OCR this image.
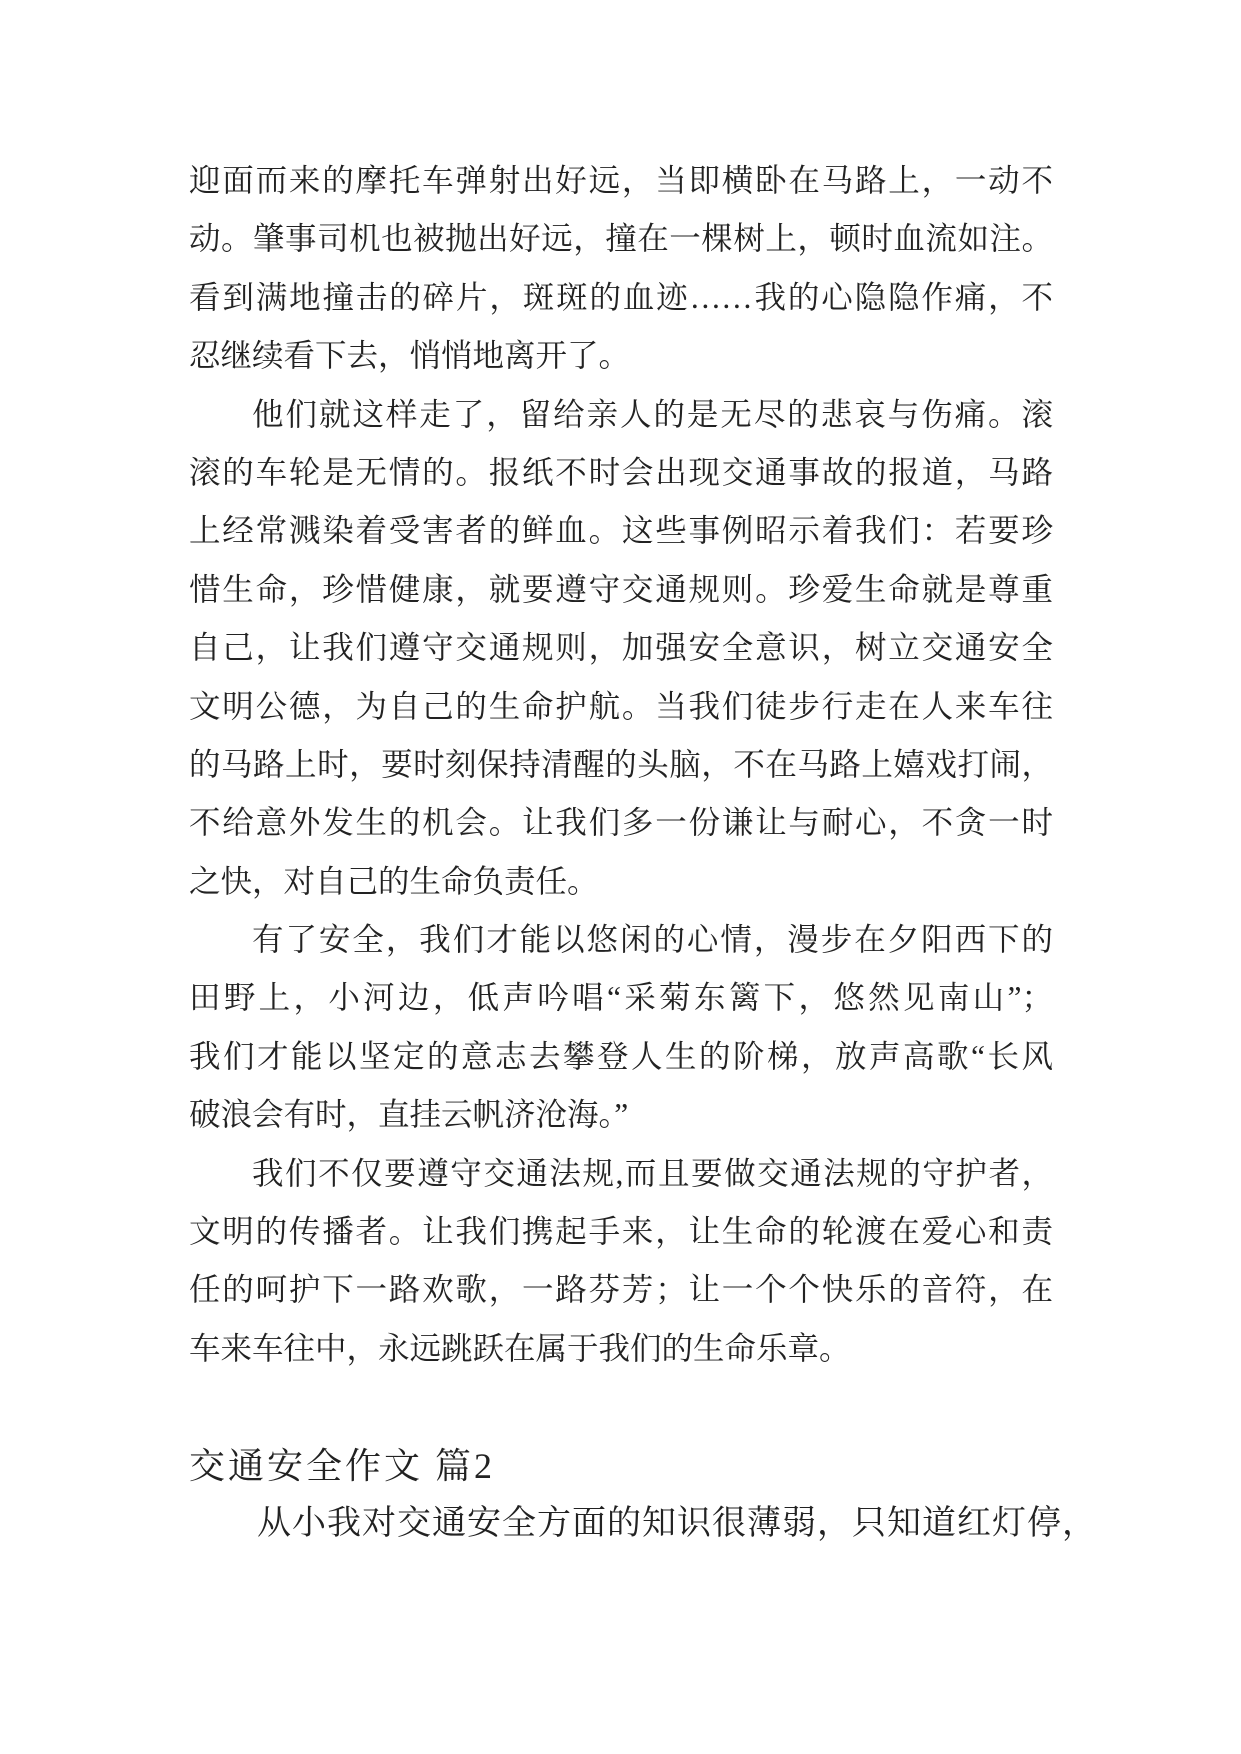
迎面而来的摩托车弹射出好远，当即横卧在马路上，一动不
动。肇事司机也被抛出好远，撞在一棵树上，顿时血流如注。
看到满地撞击的碎片，斑斑的血迹……我的心隐隐作痛，不
忍继续看下去，悄悄地离开了。
他们就这样走了，留给亲人的是无尽的悲哀与伤痛。滚
滚的车轮是无情的。报纸不时会出现交通事故的报道，马路
上经常溅染着受害者的鲜血。这些事例昭示着我们：若要珍
惜生命，珍惜健康，就要遵守交通规则。珍爱生命就是尊重
自己，让我们遵守交通规则，加强安全意识，树立交通安全
文明公德，为自己的生命护航。当我们徒步行走在人来车往
的马路上时，要时刻保持清醒的头脑，不在马路上嬉戏打闹，
不给意外发生的机会。让我们多一份谦让与耐心，不贪一时
之快，对自己的生命负责任。
有了安全，我们才能以悠闲的心情，漫步在夕阳西下的
田野上，小河边，低声吟唱“采菊东篱下，悠然见南山”；
我们才能以坚定的意志去攀登人生的阶梯，放声高歌“长风
破浪会有时，直挂云帆济沧海。”
我们不仅要遵守交通法规,而且要做交通法规的守护者，
文明的传播者。让我们携起手来，让生命的轮渡在爱心和责
任的呵护下一路欢歌，一路芬芳；让一个个快乐的音符，在
车来车往中，永远跳跃在属于我们的生命乐章。
交通安全作文 篇2
从小我对交通安全方面的知识很薄弱，只知道红灯停，
